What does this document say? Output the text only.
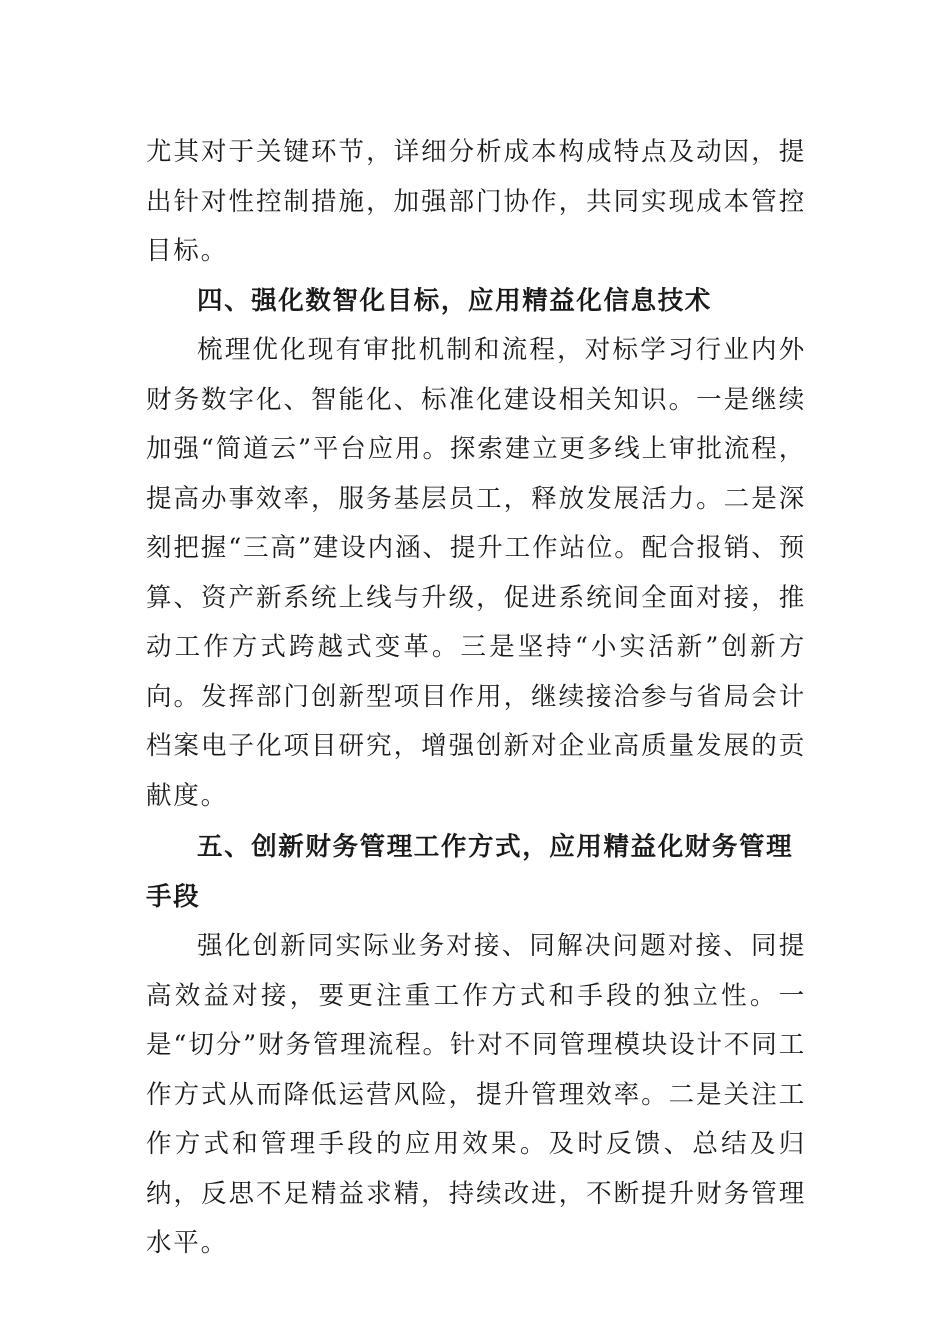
尤其对于关键环节，详细分析成本构成特点及动因，提出针对性控制措施，加强部门协作，共同实现成本管控目标。

四、强化数智化目标，应用精益化信息技术

梳理优化现有审批机制和流程，对标学习行业内外财务数字化、智能化、标准化建设相关知识。一是继续加强“简道云”平台应用。探索建立更多线上审批流程，提高办事效率，服务基层员工，释放发展活力。二是深刻把握“三高”建设内涵、提升工作站位。配合报销、预算、资产新系统上线与升级，促进系统间全面对接，推动工作方式跨越式变革。三是坚持“小实活新”创新方向。发挥部门创新型项目作用，继续接洽参与省局会计档案电子化项目研究，增强创新对企业高质量发展的贡献度。

五、创新财务管理工作方式，应用精益化财务管理手段

强化创新同实际业务对接、同解决问题对接、同提高效益对接，要更注重工作方式和手段的独立性。一是“切分”财务管理流程。针对不同管理模块设计不同工作方式从而降低运营风险，提升管理效率。二是关注工作方式和管理手段的应用效果。及时反馈、总结及归纳，反思不足精益求精，持续改进，不断提升财务管理水平。
